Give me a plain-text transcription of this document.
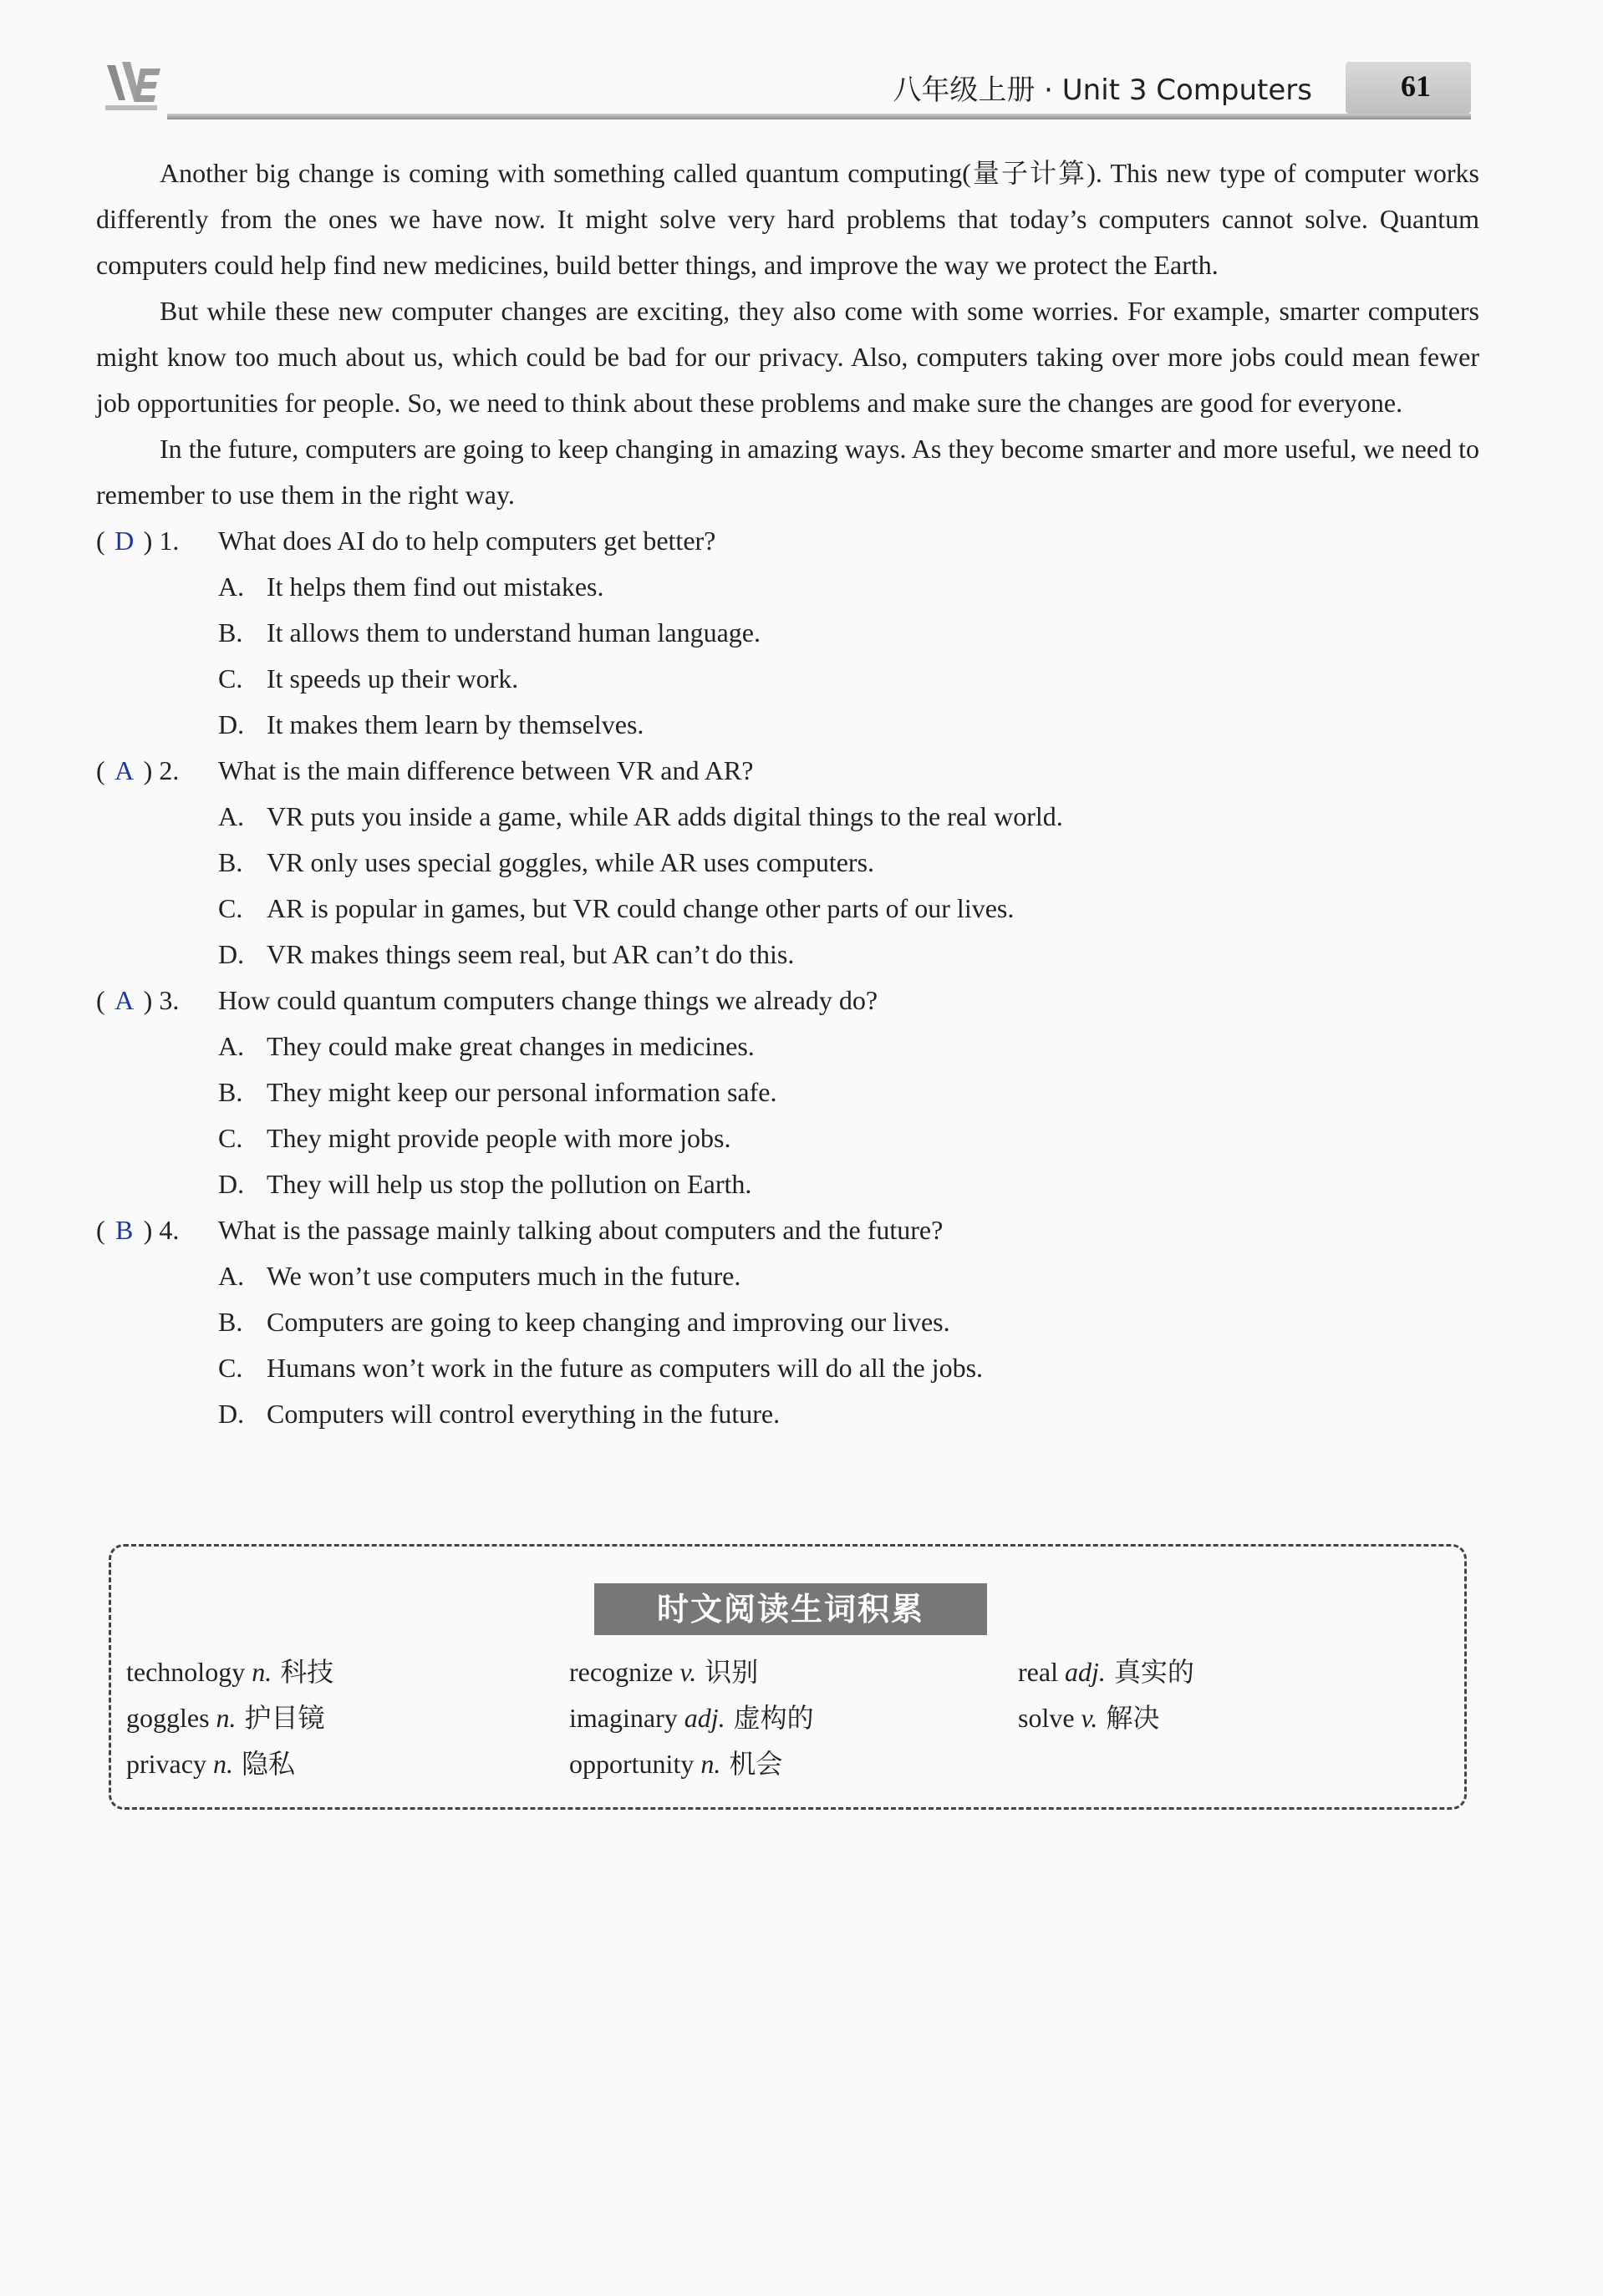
八年级上册 · Unit 3 Computers	61

Another big change is coming with something called quantum computing(量子计算). This new type of computer works differently from the ones we have now. It might solve very hard problems that today’s computers cannot solve. Quantum computers could help find new medicines, build better things, and improve the way we protect the Earth.

But while these new computer changes are exciting, they also come with some worries. For example, smarter computers might know too much about us, which could be bad for our privacy. Also, computers taking over more jobs could mean fewer job opportunities for people. So, we need to think about these problems and make sure the changes are good for everyone.

In the future, computers are going to keep changing in amazing ways. As they become smarter and more useful, we need to remember to use them in the right way.

( D ) 1.	What does AI do to help computers get better?
A. It helps them find out mistakes.
B. It allows them to understand human language.
C. It speeds up their work.
D. It makes them learn by themselves.
( A ) 2.	What is the main difference between VR and AR?
A. VR puts you inside a game, while AR adds digital things to the real world.
B. VR only uses special goggles, while AR uses computers.
C. AR is popular in games, but VR could change other parts of our lives.
D. VR makes things seem real, but AR can’t do this.
( A ) 3.	How could quantum computers change things we already do?
A. They could make great changes in medicines.
B. They might keep our personal information safe.
C. They might provide people with more jobs.
D. They will help us stop the pollution on Earth.
( B ) 4.	What is the passage mainly talking about computers and the future?
A. We won’t use computers much in the future.
B. Computers are going to keep changing and improving our lives.
C. Humans won’t work in the future as computers will do all the jobs.
D. Computers will control everything in the future.
时文阅读生词积累
technology n. 科技	recognize v. 识别	real adj. 真实的
goggles n. 护目镜	imaginary adj. 虚构的	solve v. 解决
privacy n. 隐私	opportunity n. 机会
